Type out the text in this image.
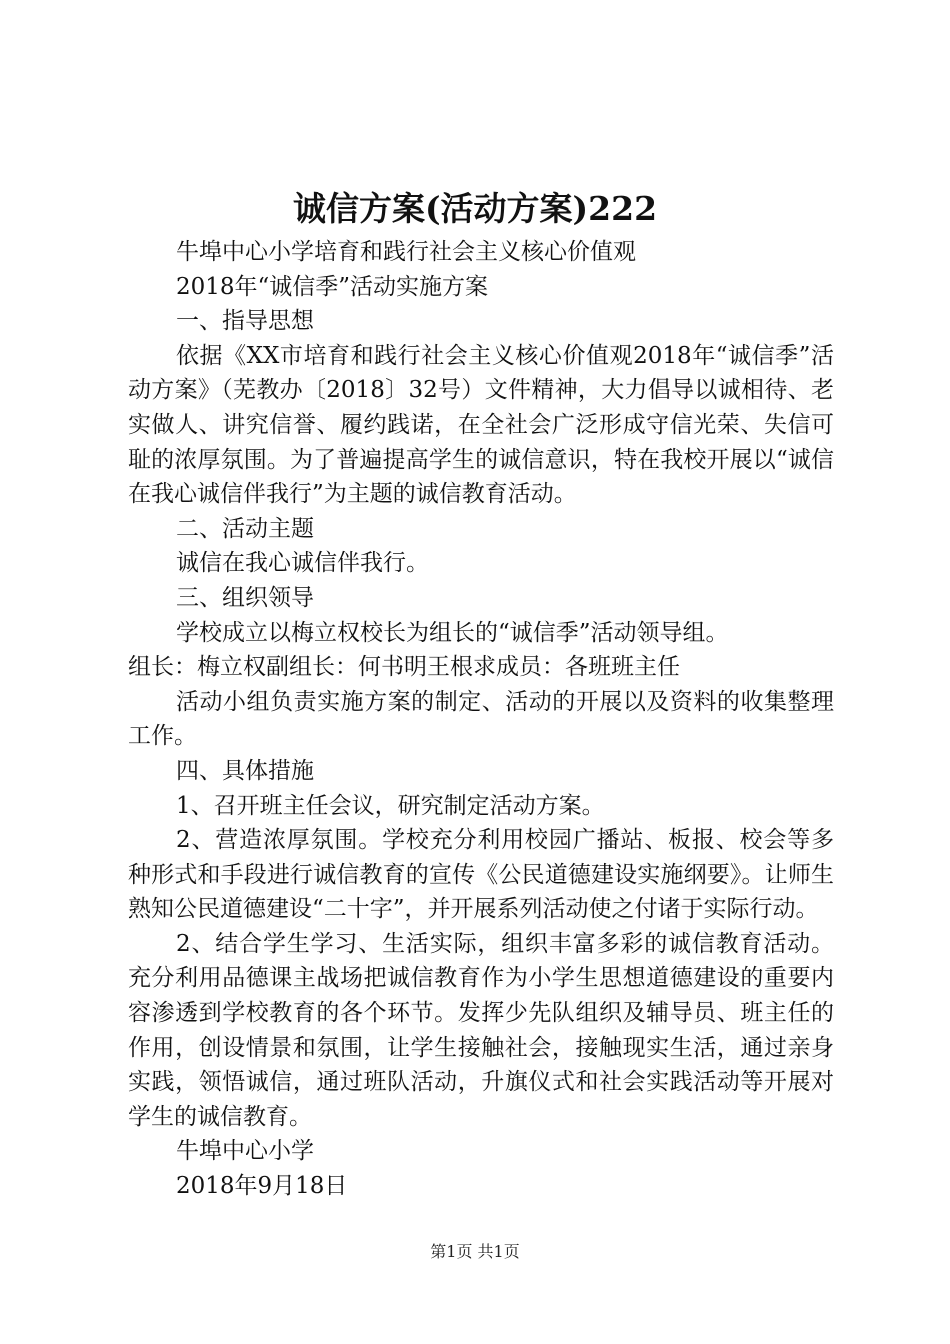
诚信方案(活动方案)222

牛埠中心小学培育和践行社会主义核心价值观

2018年“诚信季”活动实施方案

一、指导思想

依据《XX市培育和践行社会主义核心价值观2018年“诚信季”活动方案》（芜教办〔2018〕32号）文件精神，大力倡导以诚相待、老实做人、讲究信誉、履约践诺，在全社会广泛形成守信光荣、失信可耻的浓厚氛围。为了普遍提高学生的诚信意识，特在我校开展以“诚信在我心诚信伴我行”为主题的诚信教育活动。

二、活动主题

诚信在我心诚信伴我行。

三、组织领导

学校成立以梅立权校长为组长的“诚信季”活动领导组。

组长：梅立权副组长：何书明王根求成员：各班班主任

活动小组负责实施方案的制定、活动的开展以及资料的收集整理工作。

四、具体措施

1、召开班主任会议，研究制定活动方案。

2、营造浓厚氛围。学校充分利用校园广播站、板报、校会等多种形式和手段进行诚信教育的宣传《公民道德建设实施纲要》。让师生熟知公民道德建设“二十字”，并开展系列活动使之付诸于实际行动。

2、结合学生学习、生活实际，组织丰富多彩的诚信教育活动。充分利用品德课主战场把诚信教育作为小学生思想道德建设的重要内容渗透到学校教育的各个环节。发挥少先队组织及辅导员、班主任的作用，创设情景和氛围，让学生接触社会，接触现实生活，通过亲身实践，领悟诚信，通过班队活动，升旗仪式和社会实践活动等开展对学生的诚信教育。

牛埠中心小学

2018年9月18日

第1页 共1页
